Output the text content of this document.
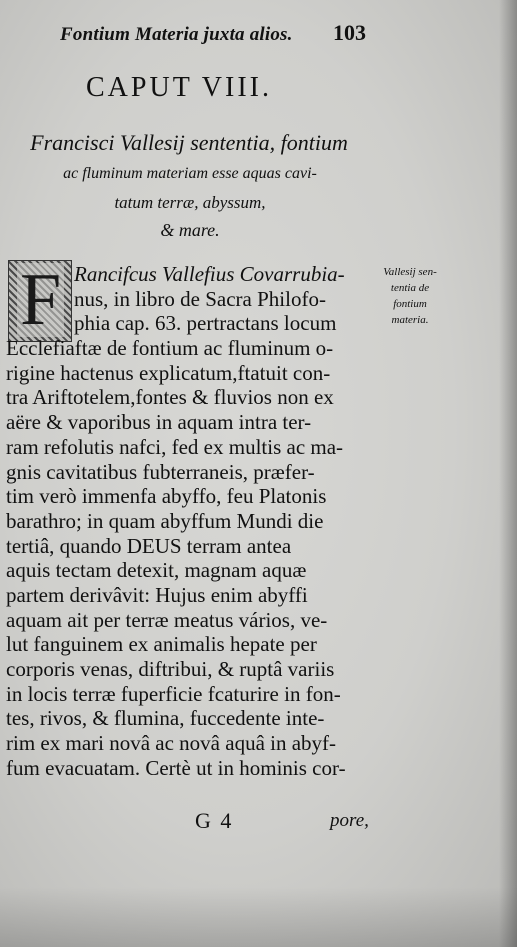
Fontium Materia juxta alios.	103
CAPUT VIII.
Francisci Vallesij sententia, fontium
ac fluminum materiam esse aquas cavi-
tatum terræ, abyssum,
& mare.
F Rancifcus Vallefius Covarrubia-
nus, in libro de Sacra Philofo-
phia cap. 63. pertractans locum
Ecclefiaftæ de fontium ac fluminum o-
rigine hactenus explicatum,ftatuit con-
tra Ariftotelem,fontes & fluvios non ex
aëre & vaporibus in aquam intra ter-
ram refolutis nafci, fed ex multis ac ma-
gnis cavitatibus fubterraneis, præfer-
tim verò immenfa abyffo, feu Platonis
barathro; in quam abyffum Mundi die
tertiâ, quando DEUS terram antea
aquis tectam detexit, magnam aquæ
partem derivâvit: Hujus enim abyffi
aquam ait per terræ meatus vários, ve-
lut fanguinem ex animalis hepate per
corporis venas, diftribui, & ruptâ variis
in locis terræ fuperficie fcaturire in fon-
tes, rivos, & flumina, fuccedente inte-
rim ex mari novâ ac novâ aquâ in abyf-
fum evacuatam. Certè ut in hominis cor-
Vallesij sen-
tentia de
fontium
materia.
G 4	pore,
